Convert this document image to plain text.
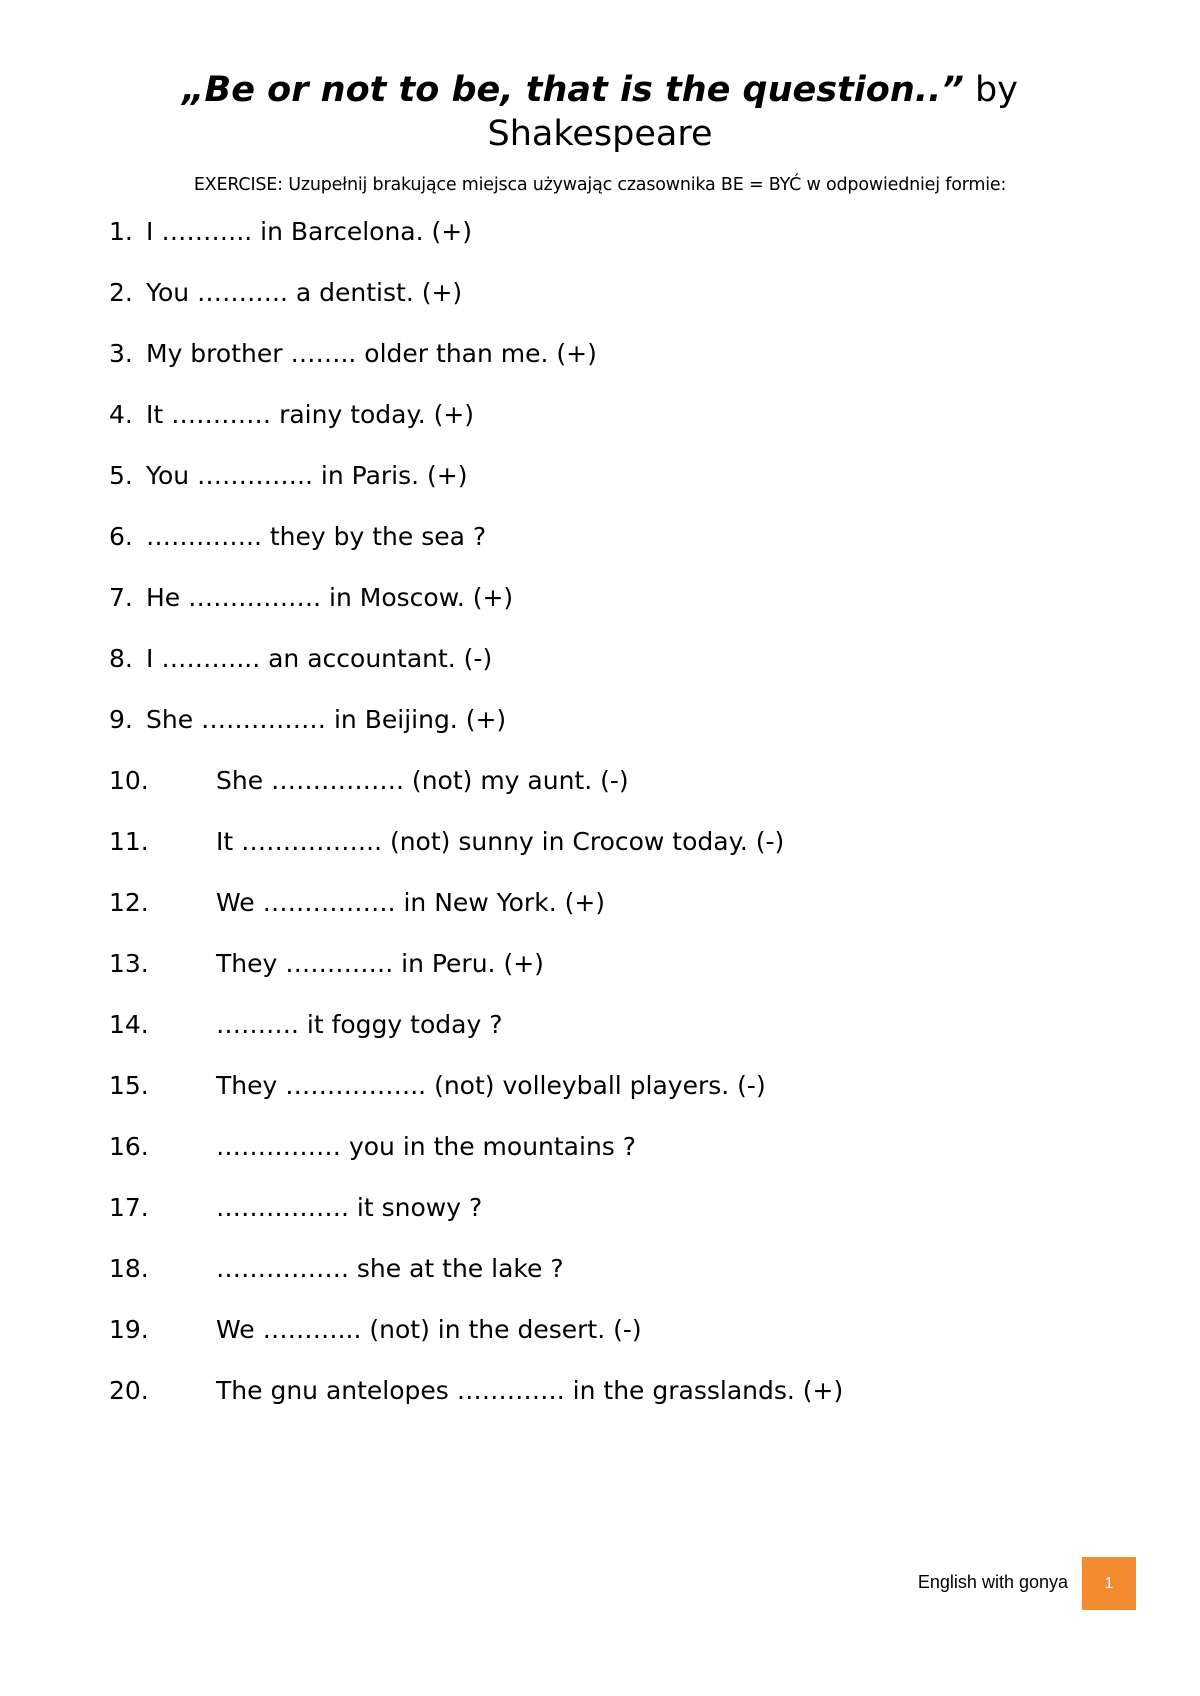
„Be or not to be, that is the question..” by
Shakespeare
EXERCISE: Uzupełnij brakujące miejsca używając czasownika BE = BYĆ w odpowiedniej formie:
1. I ……….. in Barcelona. (+)
2. You ……….. a dentist. (+)
3. My brother …….. older than me. (+)
4. It ………… rainy today. (+)
5. You ………….. in Paris. (+)
6. ………….. they by the sea ?
7. He ……………. in Moscow. (+)
8. I ………... an accountant. (-)
9. She …………… in Beijing. (+)
10.	She ……………. (not) my aunt. (-)
11.	It …………….. (not) sunny in Crocow today. (-)
12.	We ……………. in New York. (+)
13.	They …………. in Peru. (+)
14.	………. it foggy today ?
15.	They …………….. (not) volleyball players. (-)
16.	…………… you in the mountains ?
17.	……………. it snowy ?
18.	……………. she at the lake ?
19.	We ………... (not) in the desert. (-)
20.	The gnu antelopes …………. in the grasslands. (+)
English with gonya	1
